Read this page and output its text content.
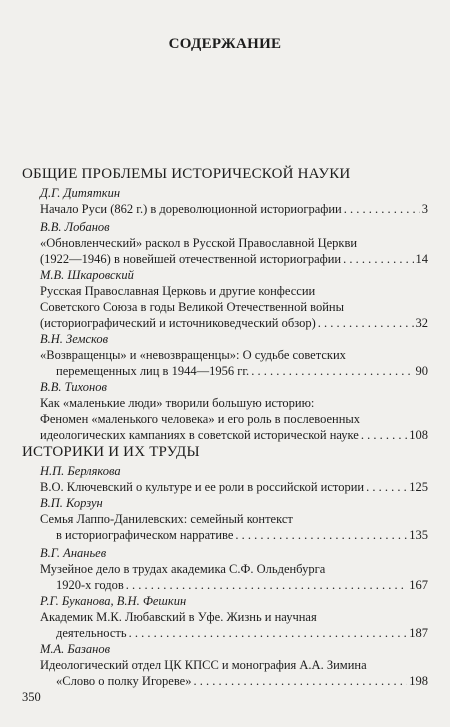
СОДЕРЖАНИЕ
ОБЩИЕ ПРОБЛЕМЫ ИСТОРИЧЕСКОЙ НАУКИ
Д.Г. Дитяткин
Начало Руси (862 г.) в дореволюционной историографии . . .	3
В.В. Лобанов
«Обновленческий» раскол в Русской Православной Церкви
(1922—1946) в новейшей отечественной историографии . . .	14
М.В. Шкаровский
Русская Православная Церковь и другие конфессии
Советского Союза в годы Великой Отечественной войны
(историографический и источниковедческий обзор) . . .	32
В.Н. Земсков
«Возвращенцы» и «невозвращенцы»: О судьбе советских
перемещенных лиц в 1944—1956 гг. . . .	90
В.В. Тихонов
Как «маленькие люди» творили большую историю:
Феномен «маленького человека» и его роль в послевоенных
идеологических кампаниях в советской исторической науке . . .	108
ИСТОРИКИ И ИХ ТРУДЫ
Н.П. Берлякова
В.О. Ключевский о культуре и ее роли в российской истории . . .	125
В.П. Корзун
Семья Лаппо-Данилевских: семейный контекст
в историографическом нарративе . . .	135
В.Г. Ананьев
Музейное дело в трудах академика С.Ф. Ольденбурга
1920-х годов . . .	167
Р.Г. Буканова, В.Н. Фешкин
Академик М.К. Любавский в Уфе. Жизнь и научная
деятельность . . .	187
М.А. Базанов
Идеологический отдел ЦК КПСС и монография А.А. Зимина
«Слово о полку Игореве» . . .	198
350
